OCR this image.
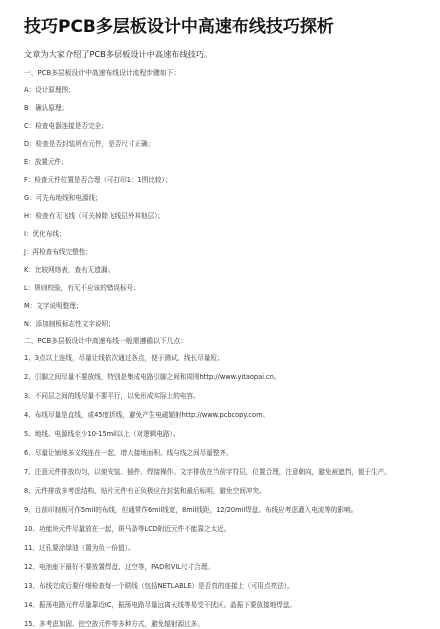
技巧PCB多层板设计中高速布线技巧探析

文章为大家介绍了PCB多层板设计中高速布线技巧。

一、PCB多层板设计中高速布线设计流程步骤如下：
A：设计原理图；
B：确认原理；
C：检查电器连接是否完全；
D：检查是否封装所有元件，是否尺寸正确；
E：放置元件；
F：检查元件位置是否合理（可打印1：1图比较）；
G：可先布地线和电源线；
H：检查有无飞线（可关掉除飞线层外其他层）；
I：优化布线；
J：再检查布线完整性；
K：比较网络表，查有无遗漏；
L：规则校验，有无不应该的错误标号；
M：文字说明整理；
N：添加制板标志性文字说明；
二、PCB多层板设计中高速布线一般需遵循以下几点：
1、3点以上连线，尽量让线依次通过各点，便于测试，线长尽量短；
2、引脚之间尽量不要放线，特别是集成电路引脚之间和周围http://www.yitaopai.cn。
3、不同层之间的线尽量不要平行，以免形成实际上的电容。
4、布线尽量是直线，或45度折线，避免产生电磁辐射http://www.pcbcopy.com。
5、地线、电源线至少10-15mil以上（对逻辑电路）。
6、尽量让铺地多义线连在一起，增大接地面积。线与线之间尽量整齐。
7、注意元件排放均匀，以便安装、插件、焊接操作。文字排放在当前字符层，位置合理，注意朝向，避免被遮挡，便于生产。
8、元件排放多考虑结构，贴片元件有正负极应在封装和最后标明，避免空间冲突。
9、目前印制板可作5mil的布线，但通常作6mil线宽，8mil线距，12/20mil焊盘。布线应考虑灌入电流等的影响。
10、功能块元件尽量放在一起，斑马条等LCD附近元件不能靠之太近。
11、过孔要涂绿油（置为负一倍值）。
12、电池座下最好不要放置焊盘、过空等，PAD和VIL尺寸合理。
13、布线完成后要仔细检查每一个联线（包括NETLABLE）是否真的连接上（可用点亮法）。
14、振荡电路元件尽量靠近IC，振荡电路尽量远离天线等易受干扰区。晶振下要放接地焊盘。
15、多考虑加固、挖空放元件等多种方式，避免辐射源过多。
